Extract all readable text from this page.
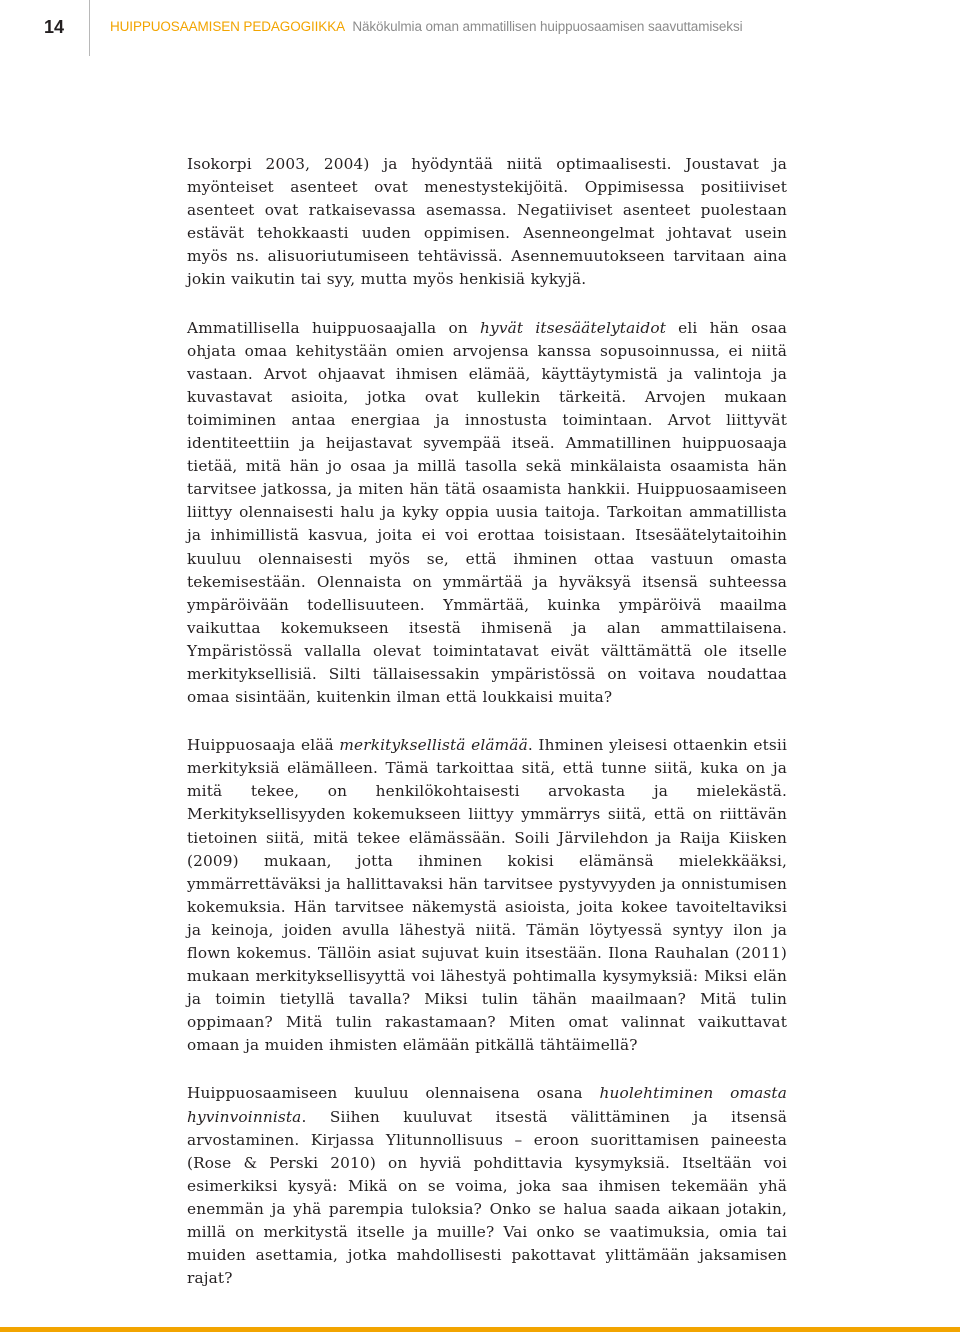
14	HUIPPUOSAAMISEN PEDAGOGIIKKA Näkökulmia oman ammatillisen huippuosaamisen saavuttamiseksi

Isokorpi 2003, 2004) ja hyödyntää niitä optimaalisesti. Joustavat ja myönteiset asenteet ovat menestystekijöitä. Oppimisessa positiiviset asenteet ovat ratkaisevassa asemassa. Negatiiviset asenteet puolestaan estävät tehokkaasti uuden oppimisen. Asenneongelmat johtavat usein myös ns. alisuoriutumiseen tehtävissä. Asennemuutokseen tarvitaan aina jokin vaikutin tai syy, mutta myös henkisiä kykyjä.

Ammatillisella huippuosaajalla on hyvät itsesäätelytaidot eli hän osaa ohjata omaa kehitystään omien arvojensa kanssa sopusoinnussa, ei niitä vastaan. Arvot ohjaavat ihmisen elämää, käyttäytymistä ja valintoja ja kuvastavat asioita, jotka ovat kullekin tärkeitä. Arvojen mukaan toimiminen antaa energiaa ja innostusta toimintaan. Arvot liittyvät identiteettiin ja heijastavat syvempää itseä. Ammatillinen huippuosaaja tietää, mitä hän jo osaa ja millä tasolla sekä minkälaista osaamista hän tarvitsee jatkossa, ja miten hän tätä osaamista hankkii. Huippuosaamiseen liittyy olennaisesti halu ja kyky oppia uusia taitoja. Tarkoitan ammatillista ja inhimillistä kasvua, joita ei voi erottaa toisistaan. Itsesäätelytaitoihin kuuluu olennaisesti myös se, että ihminen ottaa vastuun omasta tekemisestään. Olennaista on ymmärtää ja hyväksyä itsensä suhteessa ympäröivään todellisuuteen. Ymmärtää, kuinka ympäröivä maailma vaikuttaa kokemukseen itsestä ihmisenä ja alan ammattilaisena. Ympäristössä vallalla olevat toimintatavat eivät välttämättä ole itselle merkityksellisiä. Silti tällaisessakin ympäristössä on voitava noudattaa omaa sisintään, kuitenkin ilman että loukkaisi muita?

Huippuosaaja elää merkityksellistä elämää. Ihminen yleisesi ottaenkin etsii merkityksiä elämälleen. Tämä tarkoittaa sitä, että tunne siitä, kuka on ja mitä tekee, on henkilökohtaisesti arvokasta ja mielekästä. Merkityksellisyyden kokemukseen liittyy ymmärrys siitä, että on riittävän tietoinen siitä, mitä tekee elämässään. Soili Järvilehdon ja Raija Kiisken (2009) mukaan, jotta ihminen kokisi elämänsä mielekkääksi, ymmärrettäväksi ja hallittavaksi hän tarvitsee pystyvyyden ja onnistumisen kokemuksia. Hän tarvitsee näkemystä asioista, joita kokee tavoiteltaviksi ja keinoja, joiden avulla lähestyä niitä. Tämän löytyessä syntyy ilon ja flown kokemus. Tällöin asiat sujuvat kuin itsestään. Ilona Rauhalan (2011) mukaan merkityksellisyyttä voi lähestyä pohtimalla kysymyksiä: Miksi elän ja toimin tietyllä tavalla? Miksi tulin tähän maailmaan? Mitä tulin oppimaan? Mitä tulin rakastamaan? Miten omat valinnat vaikuttavat omaan ja muiden ihmisten elämään pitkällä tähtäimellä?

Huippuosaamiseen kuuluu olennaisena osana huolehtiminen omasta hyvinvoinnista. Siihen kuuluvat itsestä välittäminen ja itsensä arvostaminen. Kirjassa Ylitunnollisuus – eroon suorittamisen paineesta (Rose & Perski 2010) on hyviä pohdittavia kysymyksiä. Itseltään voi esimerkiksi kysyä: Mikä on se voima, joka saa ihmisen tekemään yhä enemmän ja yhä parempia tuloksia? Onko se halua saada aikaan jotakin, millä on merkitystä itselle ja muille? Vai onko se vaatimuksia, omia tai muiden asettamia, jotka mahdollisesti pakottavat ylittämään jaksamisen rajat?
